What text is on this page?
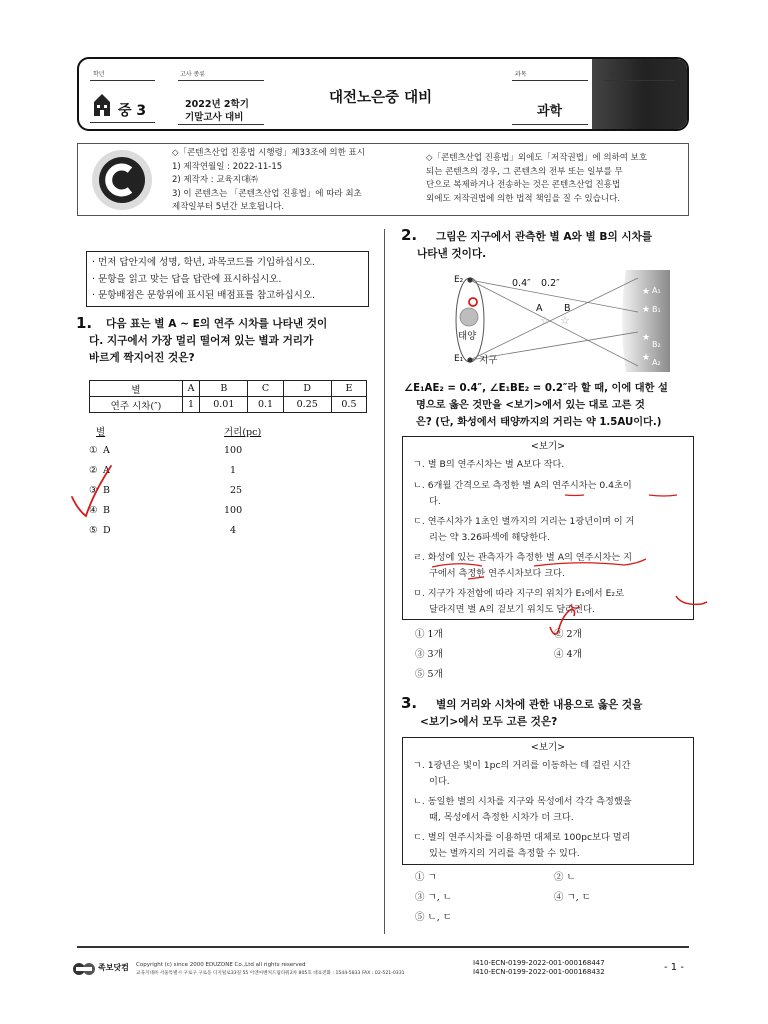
학년
중 3
고사 종류
2022년 2학기
기말고사 대비
대전노은중 대비
과목
과학
성명
◇「콘텐츠산업 진흥법 시행령」제33조에 의한 표시
1) 제작연월일 : 2022-11-15
2) 제작자 : 교육지대㈜
3) 이 콘텐츠는 「콘텐츠산업 진흥법」에 따라 최초
제작일부터 5년간 보호됩니다.
◇「콘텐츠산업 진흥법」외에도「저작권법」에 의하여 보호
되는 콘텐츠의 경우, 그 콘텐츠의 전부 또는 일부를 무
단으로 복제하거나 전송하는 것은 콘텐츠산업 진흥법
외에도 저작권법에 의한 법적 책임을 질 수 있습니다.
· 먼저 답안지에 성명, 학년, 과목코드를 기입하십시오.
· 문항을 읽고 맞는 답을 답란에 표시하십시오.
· 문항배점은 문항위에 표시된 배점표를 참고하십시오.
1. 다음 표는 별 A ~ E의 연주 시차를 나타낸 것이
다. 지구에서 가장 멀리 떨어져 있는 별과 거리가
바르게 짝지어진 것은?
별	A	B	C	D	E
연주 시차(″)	1	0.01	0.1	0.25	0.5
별	거리(pc)
① A	100
② A	1
③ B	25
④ B	100
⑤ D	4
2. 그림은 지구에서 관측한 별 A와 별 B의 시차를
나타낸 것이다.
☆ ☆
★
★
★
★
E₂
E₁
태양
지구
0.4″ 0.2″
A B
A₁
B₁
B₂
A₂
∠E₁AE₂ = 0.4″, ∠E₁BE₂ = 0.2″라 할 때, 이에 대한 설
명으로 옳은 것만을 <보기>에서 있는 대로 고른 것
은? (단, 화성에서 태양까지의 거리는 약 1.5AU이다.)
<보기>
ㄱ. 별 B의 연주시차는 별 A보다 작다.
ㄴ. 6개월 간격으로 측정한 별 A의 연주시차는 0.4초이
다.
ㄷ. 연주시차가 1초인 별까지의 거리는 1광년이며 이 거
리는 약 3.26파섹에 해당한다.
ㄹ. 화성에 있는 관측자가 측정한 별 A의 연주시차는 지
구에서 측정한 연주시차보다 크다.
ㅁ. 지구가 자전함에 따라 지구의 위치가 E₁에서 E₂로
달라지면 별 A의 겉보기 위치도 달라진다.
① 1개	② 2개
③ 3개	④ 4개
⑤ 5개
3. 별의 거리와 시차에 관한 내용으로 옳은 것을
<보기>에서 모두 고른 것은?
<보기>
ㄱ. 1광년은 빛이 1pc의 거리를 이동하는 데 걸린 시간
이다.
ㄴ. 동일한 별의 시차를 지구와 목성에서 각각 측정했을
때, 목성에서 측정한 시차가 더 크다.
ㄷ. 별의 연주시차를 이용하면 대체로 100pc보다 멀리
있는 별까지의 거리를 측정할 수 있다.
① ㄱ	② ㄴ
③ ㄱ, ㄴ	④ ㄱ, ㄷ
⑤ ㄴ, ㄷ
족보닷컴 Copyright (c) since 2000 EDUZONE Co.,Ltd all rights reserved
교육지대㈜ 서울특별시 구로구 구로동 디지털로33길 55 이앤씨벤처드림타워2차 805호 대표전화 : 1544-5833 FAX : 02-521-0331
I410-ECN-0199-2022-001-000168447
I410-ECN-0199-2022-001-000168432	- 1 -
